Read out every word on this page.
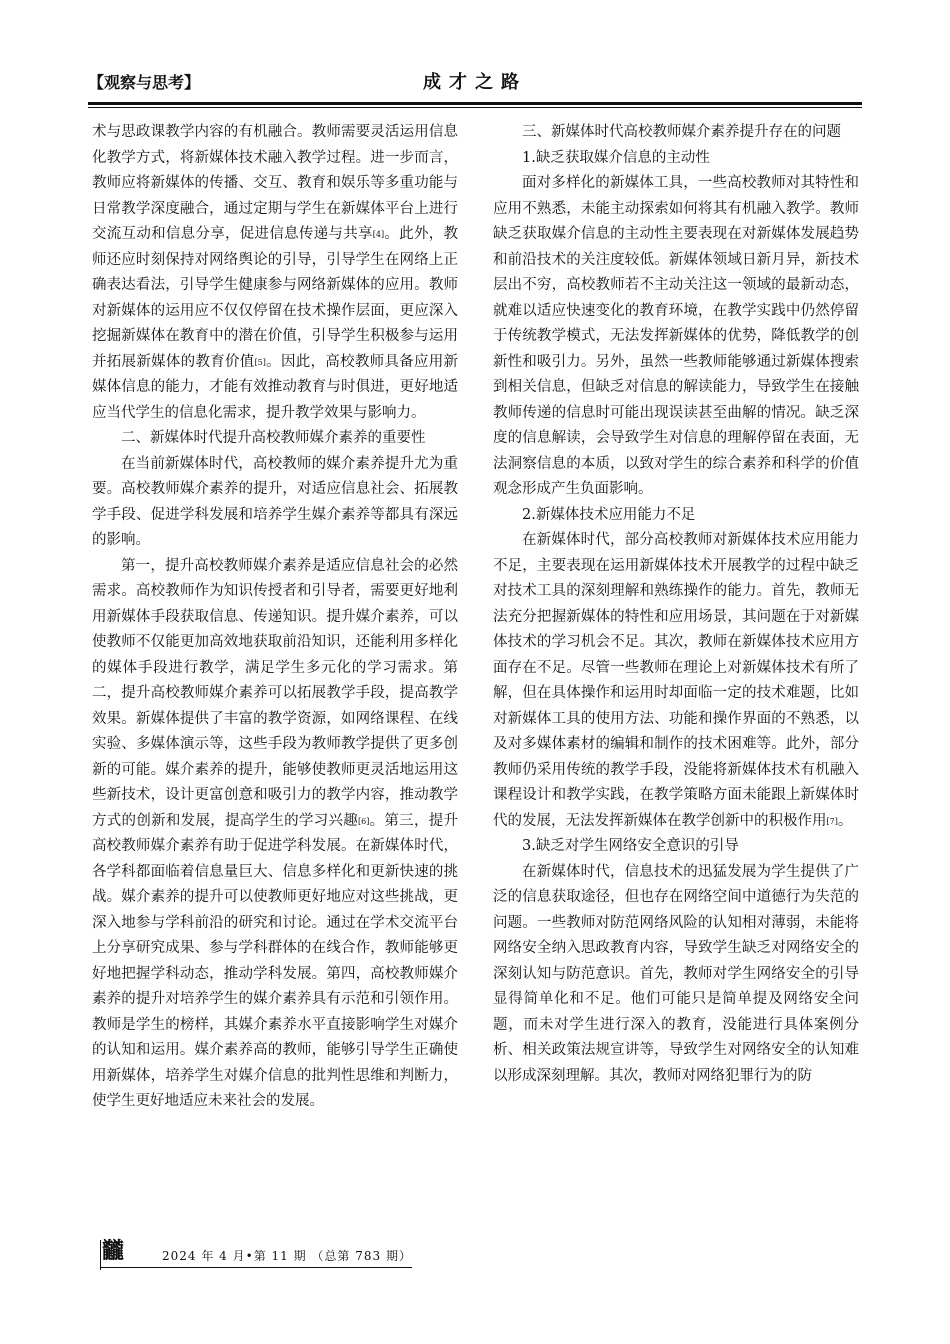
【观察与思考】	成才之路

术与思政课教学内容的有机融合。教师需要灵活运用信息化教学方式，将新媒体技术融入教学过程。进一步而言，教师应将新媒体的传播、交互、教育和娱乐等多重功能与日常教学深度融合，通过定期与学生在新媒体平台上进行交流互动和信息分享，促进信息传递与共享[4]。此外，教师还应时刻保持对网络舆论的引导，引导学生在网络上正确表达看法，引导学生健康参与网络新媒体的应用。教师对新媒体的运用应不仅仅停留在技术操作层面，更应深入挖掘新媒体在教育中的潜在价值，引导学生积极参与运用并拓展新媒体的教育价值[5]。因此，高校教师具备应用新媒体信息的能力，才能有效推动教育与时俱进，更好地适应当代学生的信息化需求，提升教学效果与影响力。

二、新媒体时代提升高校教师媒介素养的重要性

在当前新媒体时代，高校教师的媒介素养提升尤为重要。高校教师媒介素养的提升，对适应信息社会、拓展教学手段、促进学科发展和培养学生媒介素养等都具有深远的影响。

第一，提升高校教师媒介素养是适应信息社会的必然需求。高校教师作为知识传授者和引导者，需要更好地利用新媒体手段获取信息、传递知识。提升媒介素养，可以使教师不仅能更加高效地获取前沿知识，还能利用多样化的媒体手段进行教学，满足学生多元化的学习需求。第二，提升高校教师媒介素养可以拓展教学手段，提高教学效果。新媒体提供了丰富的教学资源，如网络课程、在线实验、多媒体演示等，这些手段为教师教学提供了更多创新的可能。媒介素养的提升，能够使教师更灵活地运用这些新技术，设计更富创意和吸引力的教学内容，推动教学方式的创新和发展，提高学生的学习兴趣[6]。第三，提升高校教师媒介素养有助于促进学科发展。在新媒体时代，各学科都面临着信息量巨大、信息多样化和更新快速的挑战。媒介素养的提升可以使教师更好地应对这些挑战，更深入地参与学科前沿的研究和讨论。通过在学术交流平台上分享研究成果、参与学科群体的在线合作，教师能够更好地把握学科动态，推动学科发展。第四，高校教师媒介素养的提升对培养学生的媒介素养具有示范和引领作用。教师是学生的榜样，其媒介素养水平直接影响学生对媒介的认知和运用。媒介素养高的教师，能够引导学生正确使用新媒体，培养学生对媒介信息的批判性思维和判断力，使学生更好地适应未来社会的发展。

三、新媒体时代高校教师媒介素养提升存在的问题

1.缺乏获取媒介信息的主动性

面对多样化的新媒体工具，一些高校教师对其特性和应用不熟悉，未能主动探索如何将其有机融入教学。教师缺乏获取媒介信息的主动性主要表现在对新媒体发展趋势和前沿技术的关注度较低。新媒体领域日新月异，新技术层出不穷，高校教师若不主动关注这一领域的最新动态，就难以适应快速变化的教育环境，在教学实践中仍然停留于传统教学模式，无法发挥新媒体的优势，降低教学的创新性和吸引力。另外，虽然一些教师能够通过新媒体搜索到相关信息，但缺乏对信息的解读能力，导致学生在接触教师传递的信息时可能出现误读甚至曲解的情况。缺乏深度的信息解读，会导致学生对信息的理解停留在表面，无法洞察信息的本质，以致对学生的综合素养和科学的价值观念形成产生负面影响。

2.新媒体技术应用能力不足

在新媒体时代，部分高校教师对新媒体技术应用能力不足，主要表现在运用新媒体技术开展教学的过程中缺乏对技术工具的深刻理解和熟练操作的能力。首先，教师无法充分把握新媒体的特性和应用场景，其问题在于对新媒体技术的学习机会不足。其次，教师在新媒体技术应用方面存在不足。尽管一些教师在理论上对新媒体技术有所了解，但在具体操作和运用时却面临一定的技术难题，比如对新媒体工具的使用方法、功能和操作界面的不熟悉，以及对多媒体素材的编辑和制作的技术困难等。此外，部分教师仍采用传统的教学手段，没能将新媒体技术有机融入课程设计和教学实践，在教学策略方面未能跟上新媒体时代的发展，无法发挥新媒体在教学创新中的积极作用[7]。

3.缺乏对学生网络安全意识的引导

在新媒体时代，信息技术的迅猛发展为学生提供了广泛的信息获取途径，但也存在网络空间中道德行为失范的问题。一些教师对防范网络风险的认知相对薄弱，未能将网络安全纳入思政教育内容，导致学生缺乏对网络安全的深刻认知与防范意识。首先，教师对学生网络安全的引导显得简单化和不足。他们可能只是简单提及网络安全问题，而未对学生进行深入的教育，没能进行具体案例分析、相关政策法规宣讲等，导致学生对网络安全的认知难以形成深刻理解。其次，教师对网络犯罪行为的防

龖	2024 年 4 月•第 11 期 （总第 783 期）
